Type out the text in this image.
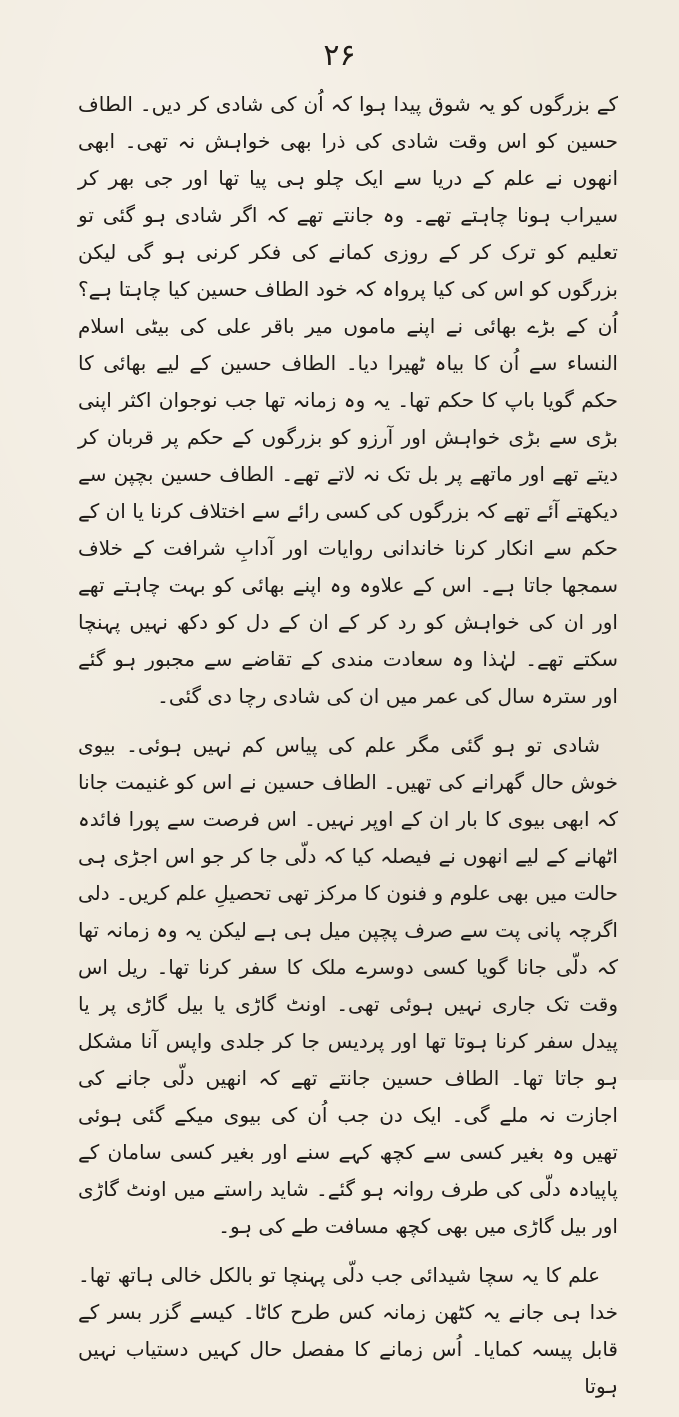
۲۶

کے بزرگوں کو یہ شوق پیدا ہوا کہ اُن کی شادی کر دیں۔ الطاف حسین کو اس وقت شادی کی ذرا بھی خواہش نہ تھی۔ ابھی انھوں نے علم کے دریا سے ایک چلو ہی پیا تھا اور جی بھر کر سیراب ہونا چاہتے تھے۔ وہ جانتے تھے کہ اگر شادی ہو گئی تو تعلیم کو ترک کر کے روزی کمانے کی فکر کرنی ہو گی لیکن بزرگوں کو اس کی کیا پرواہ کہ خود الطاف حسین کیا چاہتا ہے؟ اُن کے بڑے بھائی نے اپنے ماموں میر باقر علی کی بیٹی اسلام النساء سے اُن کا بیاہ ٹھیرا دیا۔ الطاف حسین کے لیے بھائی کا حکم گویا باپ کا حکم تھا۔ یہ وہ زمانہ تھا جب نوجوان اکثر اپنی بڑی سے بڑی خواہش اور آرزو کو بزرگوں کے حکم پر قربان کر دیتے تھے اور ماتھے پر بل تک نہ لاتے تھے۔ الطاف حسین بچپن سے دیکھتے آئے تھے کہ بزرگوں کی کسی رائے سے اختلاف کرنا یا ان کے حکم سے انکار کرنا خاندانی روایات اور آدابِ شرافت کے خلاف سمجھا جاتا ہے۔ اس کے علاوہ وہ اپنے بھائی کو بہت چاہتے تھے اور ان کی خواہش کو رد کر کے ان کے دل کو دکھ نہیں پہنچا سکتے تھے۔ لہٰذا وہ سعادت مندی کے تقاضے سے مجبور ہو گئے اور سترہ سال کی عمر میں ان کی شادی رچا دی گئی۔

شادی تو ہو گئی مگر علم کی پیاس کم نہیں ہوئی۔ بیوی خوش حال گھرانے کی تھیں۔ الطاف حسین نے اس کو غنیمت جانا کہ ابھی بیوی کا بار ان کے اوپر نہیں۔ اس فرصت سے پورا فائدہ اٹھانے کے لیے انھوں نے فیصلہ کیا کہ دلّی جا کر جو اس اجڑی ہی حالت میں بھی علوم و فنون کا مرکز تھی تحصیلِ علم کریں۔ دلی اگرچہ پانی پت سے صرف پچپن میل ہی ہے لیکن یہ وہ زمانہ تھا کہ دلّی جانا گویا کسی دوسرے ملک کا سفر کرنا تھا۔ ریل اس وقت تک جاری نہیں ہوئی تھی۔ اونٹ گاڑی یا بیل گاڑی پر یا پیدل سفر کرنا ہوتا تھا اور پردیس جا کر جلدی واپس آنا مشکل ہو جاتا تھا۔ الطاف حسین جانتے تھے کہ انھیں دلّی جانے کی اجازت نہ ملے گی۔ ایک دن جب اُن کی بیوی میکے گئی ہوئی تھیں وہ بغیر کسی سے کچھ کہے سنے اور بغیر کسی سامان کے پاپیادہ دلّی کی طرف روانہ ہو گئے۔ شاید راستے میں اونٹ گاڑی اور بیل گاڑی میں بھی کچھ مسافت طے کی ہو۔

علم کا یہ سچا شیدائی جب دلّی پہنچا تو بالکل خالی ہاتھ تھا۔ خدا ہی جانے یہ کٹھن زمانہ کس طرح کاٹا۔ کیسے گزر بسر کے قابل پیسہ کمایا۔ اُس زمانے کا مفصل حال کہیں دستیاب نہیں ہوتا
